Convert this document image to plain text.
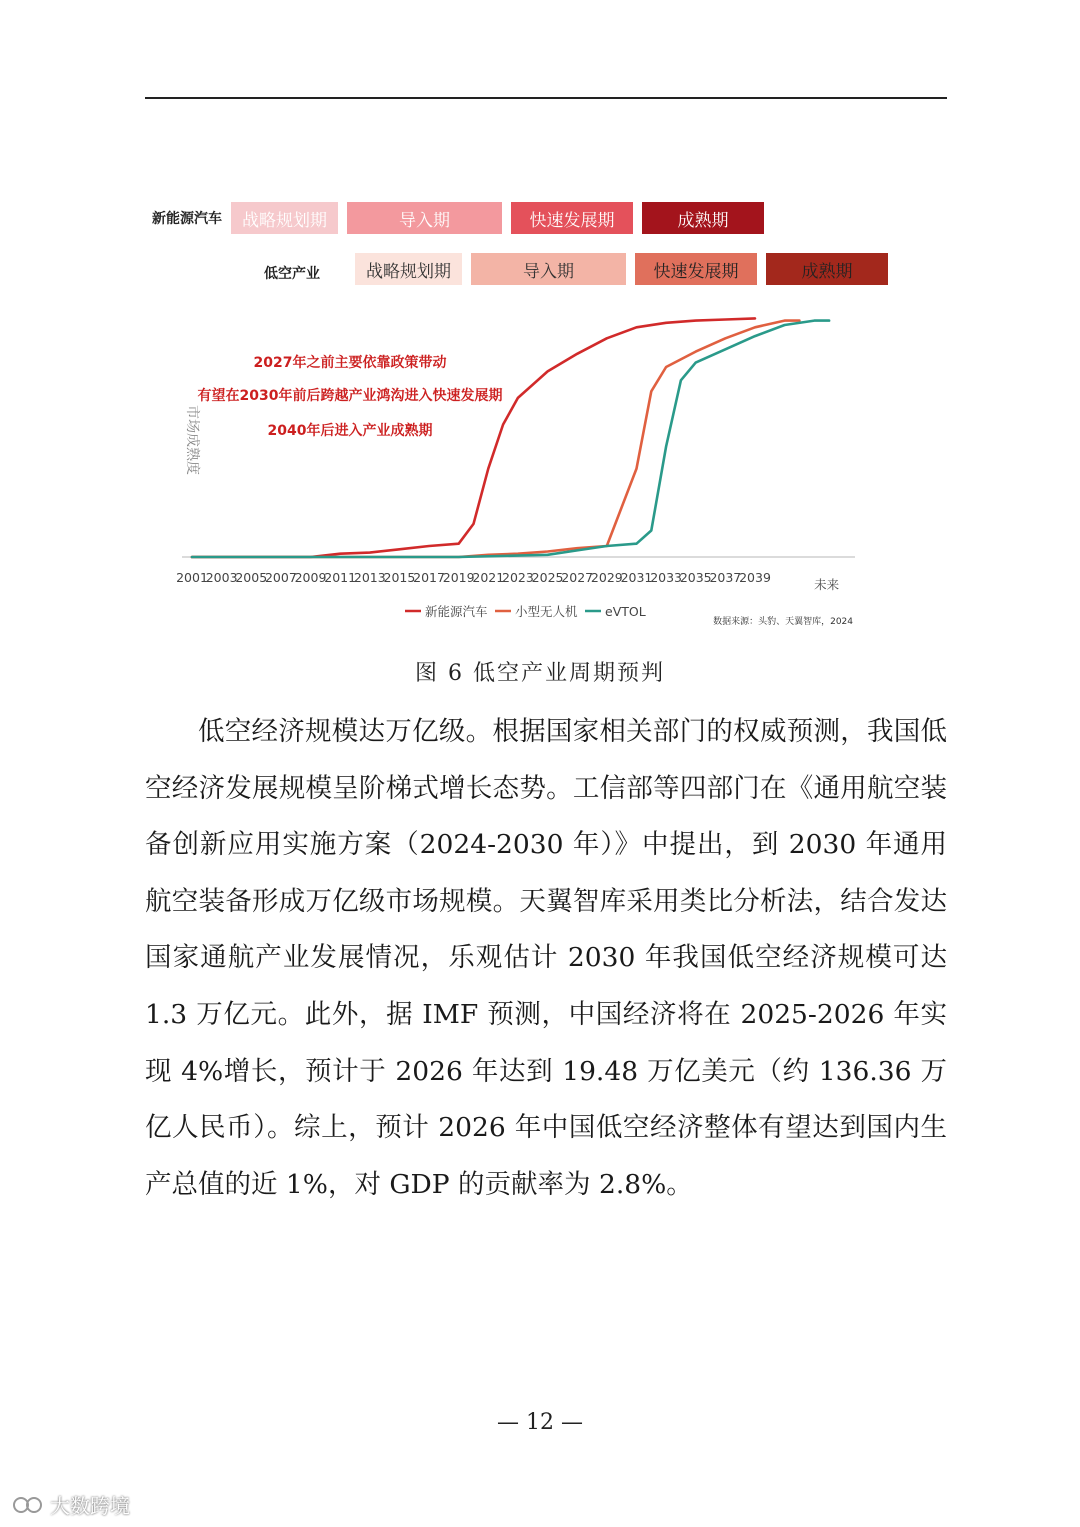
新能源汽车	战略规划期	导入期	快速发展期	成熟期
低空产业	战略规划期	导入期	快速发展期	成熟期
市场成熟度
2001
2003
2005
2007
2009
2011
2013
2015
2017
2019
2021
2023
2025
2027
2029
2031
2033
2035
2037
2039	未来
新能源汽车 小型无人机 eVTOL
数据来源：头豹、天翼智库，2024
2027年之前主要依靠政策带动
有望在2030年前后跨越产业鸿沟进入快速发展期
2040年后进入产业成熟期
图 6 低空产业周期预判
低空经济规模达万亿级。根据国家相关部门的权威预测，我国低空经济发展规模呈阶梯式增长态势。工信部等四部门在《通用航空装备创新应用实施方案（2024-2030 年）》中提出，到 2030 年通用航空装备形成万亿级市场规模。天翼智库采用类比分析法，结合发达国家通航产业发展情况，乐观估计 2030 年我国低空经济规模可达 1.3 万亿元。此外，据 IMF 预测，中国经济将在 2025-2026 年实现 4%增长，预计于 2026 年达到 19.48 万亿美元（约 136.36 万亿人民币）。综上，预计 2026 年中国低空经济整体有望达到国内生产总值的近 1%，对 GDP 的贡献率为 2.8%。
— 12 —
大数跨境
